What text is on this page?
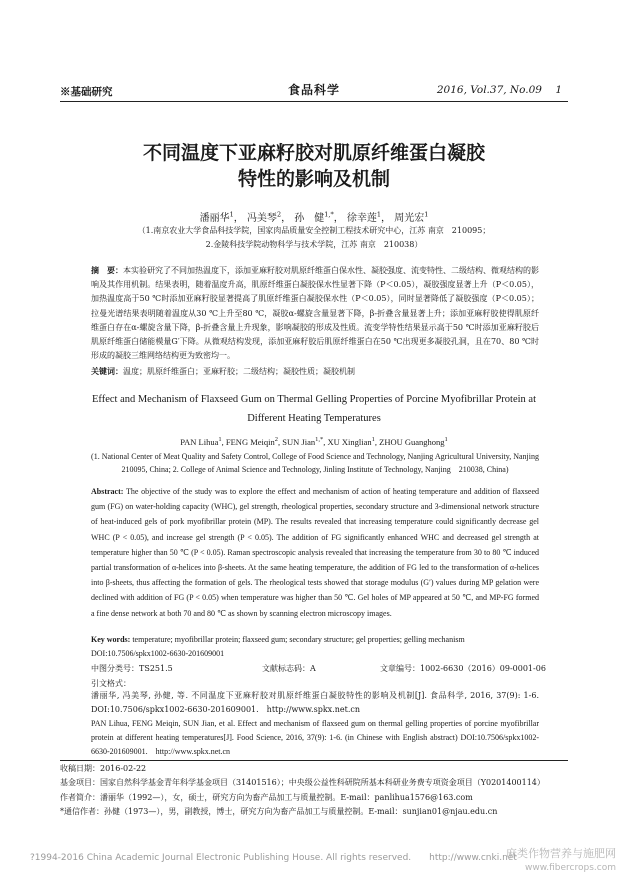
※基础研究	食品科学	2016, Vol.37, No.09 1
不同温度下亚麻籽胶对肌原纤维蛋白凝胶
特性的影响及机制
潘丽华$^1$， 冯美琴$^2$， 孙　健$^{1,*}$， 徐幸莲$^1$， 周光宏$^1$
（1.南京农业大学食品科技学院，国家肉品质量安全控制工程技术研究中心，江苏 南京　210095；
2.金陵科技学院动物科学与技术学院，江苏 南京　210038）
摘　要：本实验研究了不同加热温度下，添加亚麻籽胶对肌原纤维蛋白保水性、凝胶强度、流变特性、二级结构、微观结构的影响及其作用机制。结果表明，随着温度升高，肌原纤维蛋白凝胶保水性显著下降（P＜0.05），凝胶强度显著上升（P＜0.05），加热温度高于50 ℃时添加亚麻籽胶显著提高了肌原纤维蛋白凝胶保水性（P＜0.05），同时显著降低了凝胶强度（P＜0.05）；拉曼光谱结果表明随着温度从30 ℃上升至80 ℃，凝胶α-螺旋含量显著下降，β-折叠含量显著上升；添加亚麻籽胶使得肌原纤维蛋白存在α-螺旋含量下降，β-折叠含量上升现象，影响凝胶的形成及性质。流变学特性结果显示高于50 ℃时添加亚麻籽胶后肌原纤维蛋白储能模量G′下降。从微观结构发现，添加亚麻籽胶后肌原纤维蛋白在50 ℃出现更多凝胶孔洞，且在70、80 ℃时形成的凝胶三维网络结构更为致密均一。
关键词：温度；肌原纤维蛋白；亚麻籽胶；二级结构；凝胶性质；凝胶机制
Effect and Mechanism of Flaxseed Gum on Thermal Gelling Properties of Porcine Myofibrillar Protein at
Different Heating Temperatures
PAN Lihua$^1$, FENG Meiqin$^2$, SUN Jian$^{1,*}$, XU Xinglian$^1$, ZHOU Guanghong$^1$
(1. National Center of Meat Quality and Safety Control, College of Food Science and Technology, Nanjing Agricultural University, Nanjing　210095, China; 2. College of Animal Science and Technology, Jinling Institute of Technology, Nanjing　210038, China)
Abstract: The objective of the study was to explore the effect and mechanism of action of heating temperature and addition of flaxseed gum (FG) on water-holding capacity (WHC), gel strength, rheological properties, secondary structure and 3-dimensional network structure of heat-induced gels of pork myofibrillar protein (MP). The results revealed that increasing temperature could significantly decrease gel WHC (P < 0.05), and increase gel strength (P < 0.05). The addition of FG significantly enhanced WHC and decreased gel strength at temperature higher than 50 ℃ (P < 0.05). Raman spectroscopic analysis revealed that increasing the temperature from 30 to 80 ℃ induced partial transformation of α-helices into β-sheets. At the same heating temperature, the addition of FG led to the transformation of α-helices into β-sheets, thus affecting the formation of gels. The rheological tests showed that storage modulus (G′) values during MP gelation were declined with addition of FG (P < 0.05) when temperature was higher than 50 ℃. Gel holes of MP appeared at 50 ℃, and MP-FG formed a fine dense network at both 70 and 80 ℃ as shown by scanning electron microscopy images.
Key words: temperature; myofibrillar protein; flaxseed gum; secondary structure; gel properties; gelling mechanism
DOI:10.7506/spkx1002-6630-201609001
中图分类号：TS251.5	文献标志码：A	文章编号：1002-6630（2016）09-0001-06
引文格式：
潘丽华, 冯美琴, 孙健, 等. 不同温度下亚麻籽胶对肌原纤维蛋白凝胶特性的影响及机制[J]. 食品科学, 2016, 37(9): 1-6. DOI:10.7506/spkx1002-6630-201609001.　http://www.spkx.net.cn
PAN Lihua, FENG Meiqin, SUN Jian, et al. Effect and mechanism of flaxseed gum on thermal gelling properties of porcine myofibrillar protein at different heating temperatures[J]. Food Science, 2016, 37(9): 1-6. (in Chinese with English abstract) DOI:10.7506/spkx1002-6630-201609001.　http://www.spkx.net.cn
收稿日期：2016-02-22
基金项目：国家自然科学基金青年科学基金项目（31401516）；中央级公益性科研院所基本科研业务费专项资金项目（Y0201400114）
作者简介：潘丽华（1992—），女，硕士，研究方向为畜产品加工与质量控制。E-mail：panlihua1576@163.com
*通信作者：孙健（1973—），男，副教授，博士，研究方向为畜产品加工与质量控制。E-mail：sunjian01@njau.edu.cn
?1994-2016 China Academic Journal Electronic Publishing House. All rights reserved.　　http://www.cnki.net
麻类作物营养与施肥网
www.fibercrops.com
